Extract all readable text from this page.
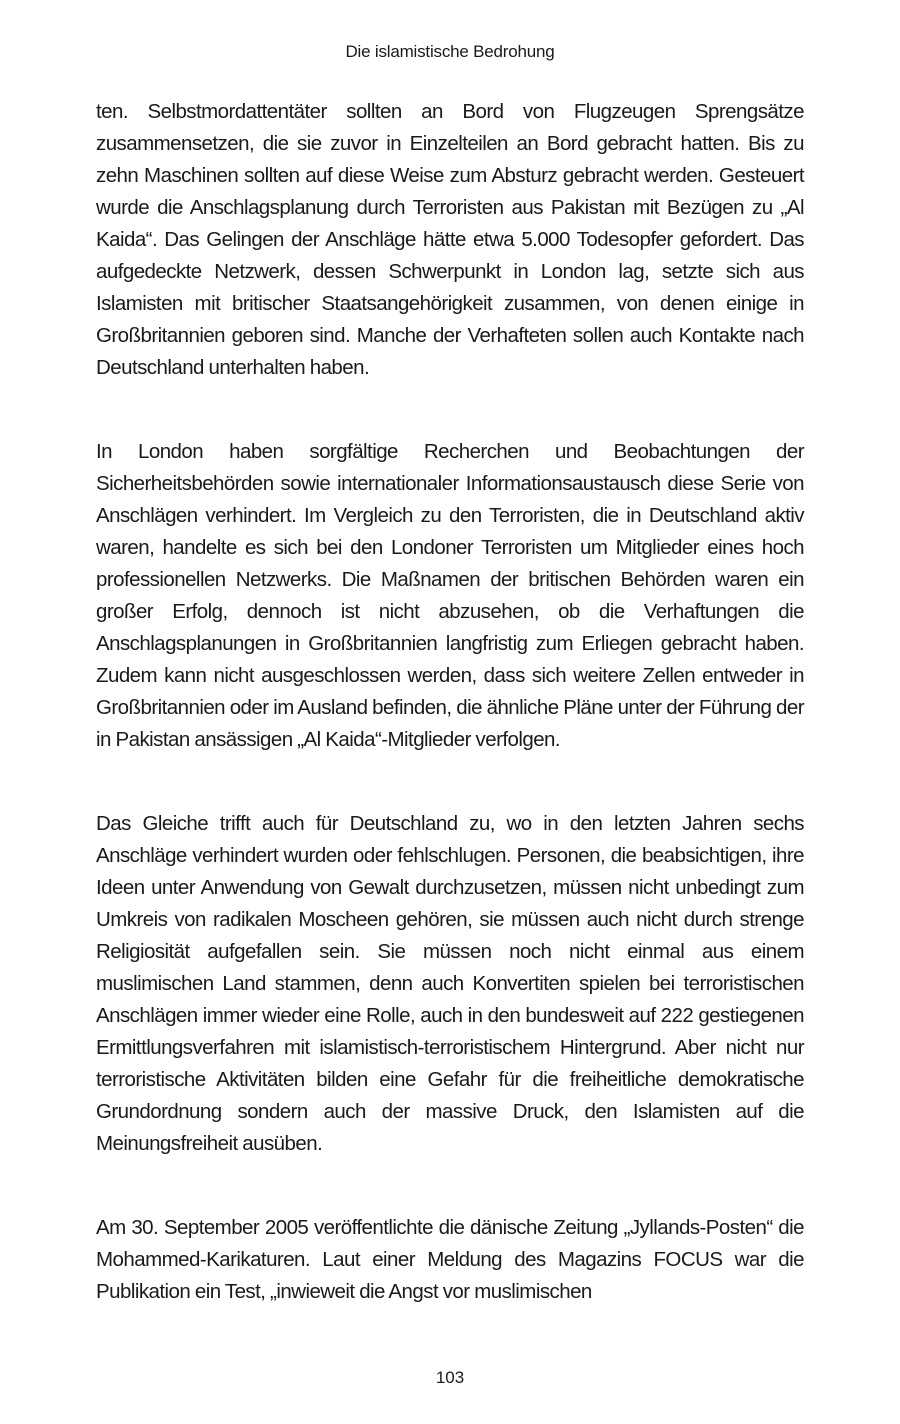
Die islamistische Bedrohung

ten. Selbstmordattentäter sollten an Bord von Flugzeugen Sprengsätze zusammensetzen, die sie zuvor in Einzelteilen an Bord gebracht hatten. Bis zu zehn Maschinen sollten auf diese Weise zum Absturz gebracht werden. Gesteuert wurde die Anschlagsplanung durch Terroristen aus Pakistan mit Bezügen zu „Al Kaida“. Das Gelingen der Anschläge hätte etwa 5.000 Todesopfer gefordert. Das aufgedeckte Netzwerk, dessen Schwerpunkt in London lag, setzte sich aus Islamisten mit britischer Staatsangehörigkeit zusammen, von denen einige in Großbritannien geboren sind. Manche der Verhafteten sollen auch Kontakte nach Deutschland unterhalten haben.

In London haben sorgfältige Recherchen und Beobachtungen der Sicherheitsbehörden sowie internationaler Informationsaustausch diese Serie von Anschlägen verhindert. Im Vergleich zu den Terroristen, die in Deutschland aktiv waren, handelte es sich bei den Londoner Terroristen um Mitglieder eines hoch professionellen Netzwerks. Die Maßnamen der britischen Behörden waren ein großer Erfolg, dennoch ist nicht abzusehen, ob die Verhaftungen die Anschlagsplanungen in Großbritannien langfristig zum Erliegen gebracht haben. Zudem kann nicht ausgeschlossen werden, dass sich weitere Zellen entweder in Großbritannien oder im Ausland befinden, die ähnliche Pläne unter der Führung der in Pakistan ansässigen „Al Kaida“-Mitglieder verfolgen.

Das Gleiche trifft auch für Deutschland zu, wo in den letzten Jahren sechs Anschläge verhindert wurden oder fehlschlugen. Personen, die beabsichtigen, ihre Ideen unter Anwendung von Gewalt durchzusetzen, müssen nicht unbedingt zum Umkreis von radikalen Moscheen gehören, sie müssen auch nicht durch strenge Religiosität aufgefallen sein. Sie müssen noch nicht einmal aus einem muslimischen Land stammen, denn auch Konvertiten spielen bei terroristischen Anschlägen immer wieder eine Rolle, auch in den bundesweit auf 222 gestiegenen Ermittlungsverfahren mit islamistisch-terroristischem Hintergrund. Aber nicht nur terroristische Aktivitäten bilden eine Gefahr für die freiheitliche demokratische Grundordnung sondern auch der massive Druck, den Islamisten auf die Meinungsfreiheit ausüben.

Am 30. September 2005 veröffentlichte die dänische Zeitung „Jyllands-Posten“ die Mohammed-Karikaturen. Laut einer Meldung des Magazins FOCUS war die Publikation ein Test, „inwieweit die Angst vor muslimischen

103
